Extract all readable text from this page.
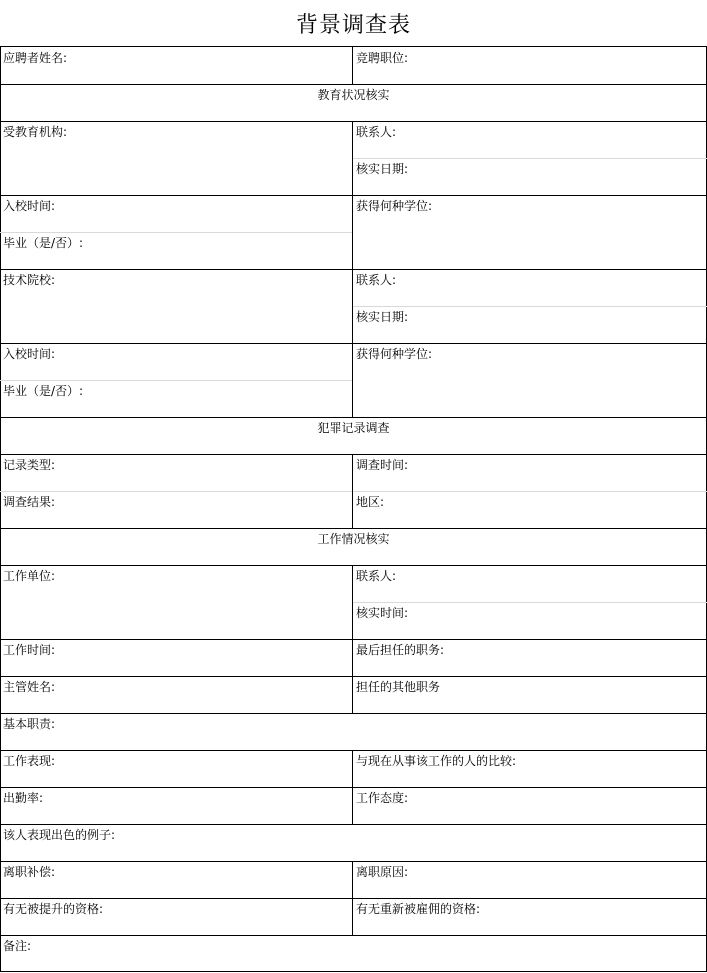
背景调查表
应聘者姓名:	竞聘职位:
教育状况核实
受教育机构:	联系人:
核实日期:
入校时间:	获得何种学位:
毕业（是/否）:
技术院校:	联系人:
核实日期:
入校时间:	获得何种学位:
毕业（是/否）:
犯罪记录调查
记录类型:	调查时间:
调查结果:	地区:
工作情况核实
工作单位:	联系人:
核实时间:
工作时间:	最后担任的职务:
主管姓名:	担任的其他职务
基本职责:
工作表现:	与现在从事该工作的人的比较:
出勤率:	工作态度:
该人表现出色的例子:
离职补偿:	离职原因:
有无被提升的资格:	有无重新被雇佣的资格:
备注:
